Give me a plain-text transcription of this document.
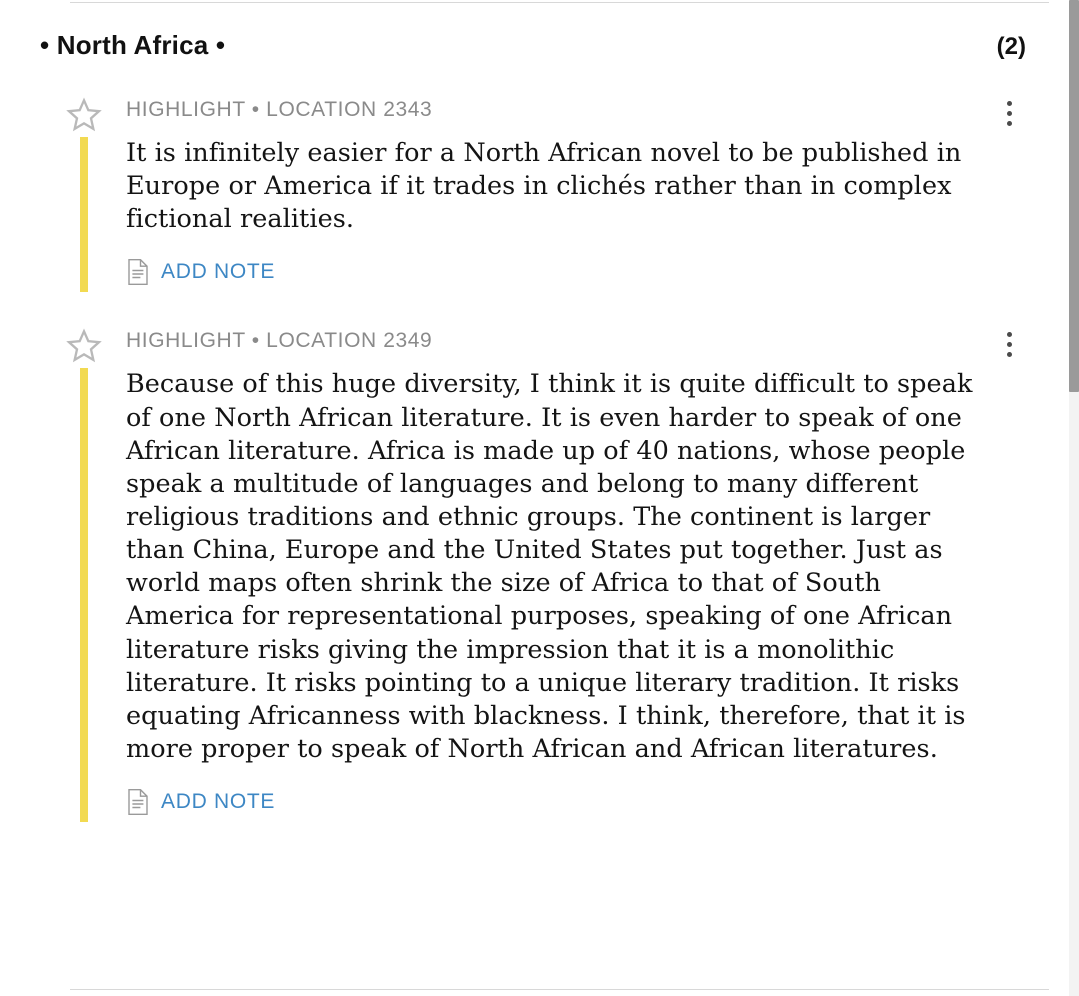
• North Africa •	(2)
HIGHLIGHT • LOCATION 2343
It is infinitely easier for a North African novel to be published in Europe or America if it trades in clichés rather than in complex fictional realities.
ADD NOTE
HIGHLIGHT • LOCATION 2349
Because of this huge diversity, I think it is quite difficult to speak of one North African literature. It is even harder to speak of one African literature. Africa is made up of 40 nations, whose people speak a multitude of languages and belong to many different religious traditions and ethnic groups. The continent is larger than China, Europe and the United States put together. Just as world maps often shrink the size of Africa to that of South America for representational purposes, speaking of one African literature risks giving the impression that it is a monolithic literature. It risks pointing to a unique literary tradition. It risks equating Africanness with blackness. I think, therefore, that it is more proper to speak of North African and African literatures.
ADD NOTE
